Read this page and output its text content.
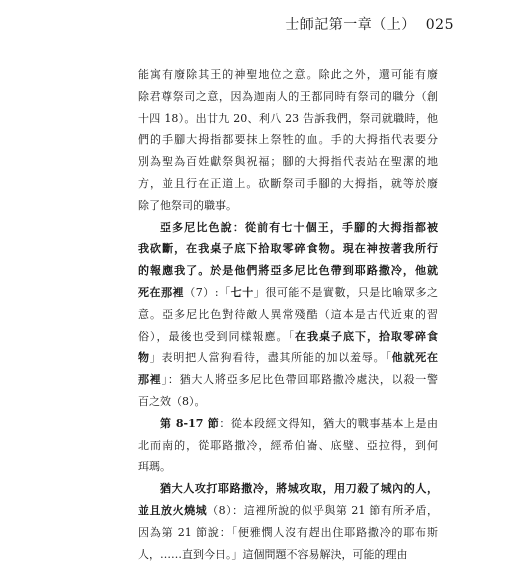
士師記第一章（上） 025
能寓有廢除其王的神聖地位之意。除此之外，還可能有廢
除君尊祭司之意，因為迦南人的王都同時有祭司的職分（創
十四 18）。出廿九 20、利八 23 告訴我們，祭司就職時，他
們的手腳大拇指都要抹上祭牲的血。手的大拇指代表要分
別為聖為百姓獻祭與祝福；腳的大拇指代表站在聖潔的地
方，並且行在正道上。砍斷祭司手腳的大拇指，就等於廢
除了他祭司的職事。
亞多尼比色說：從前有七十個王，手腳的大拇指都被
我砍斷，在我桌子底下拾取零碎食物。現在神按著我所行
的報應我了。於是他們將亞多尼比色帶到耶路撒冷，他就
死在那裡（7）:「七十」很可能不是實數，只是比喻眾多之
意。亞多尼比色對待敵人異常殘酷（這本是古代近東的習
俗），最後也受到同樣報應。「在我桌子底下，拾取零碎食
物」表明把人當狗看待，盡其所能的加以羞辱。「他就死在
那裡」：猶大人將亞多尼比色帶回耶路撒冷處決，以殺一警
百之效（8）。
第 8-17 節：從本段經文得知，猶大的戰事基本上是由
北而南的，從耶路撒冷，經希伯崙、底璧、亞拉得，到何
珥瑪。
猶大人攻打耶路撒冷，將城攻取，用刀殺了城內的人，
並且放火燒城（8）：這裡所說的似乎與第 21 節有所矛盾，
因為第 21 節說：「便雅憫人沒有趕出住耶路撒冷的耶布斯
人，……直到今日。」這個問題不容易解決，可能的理由
